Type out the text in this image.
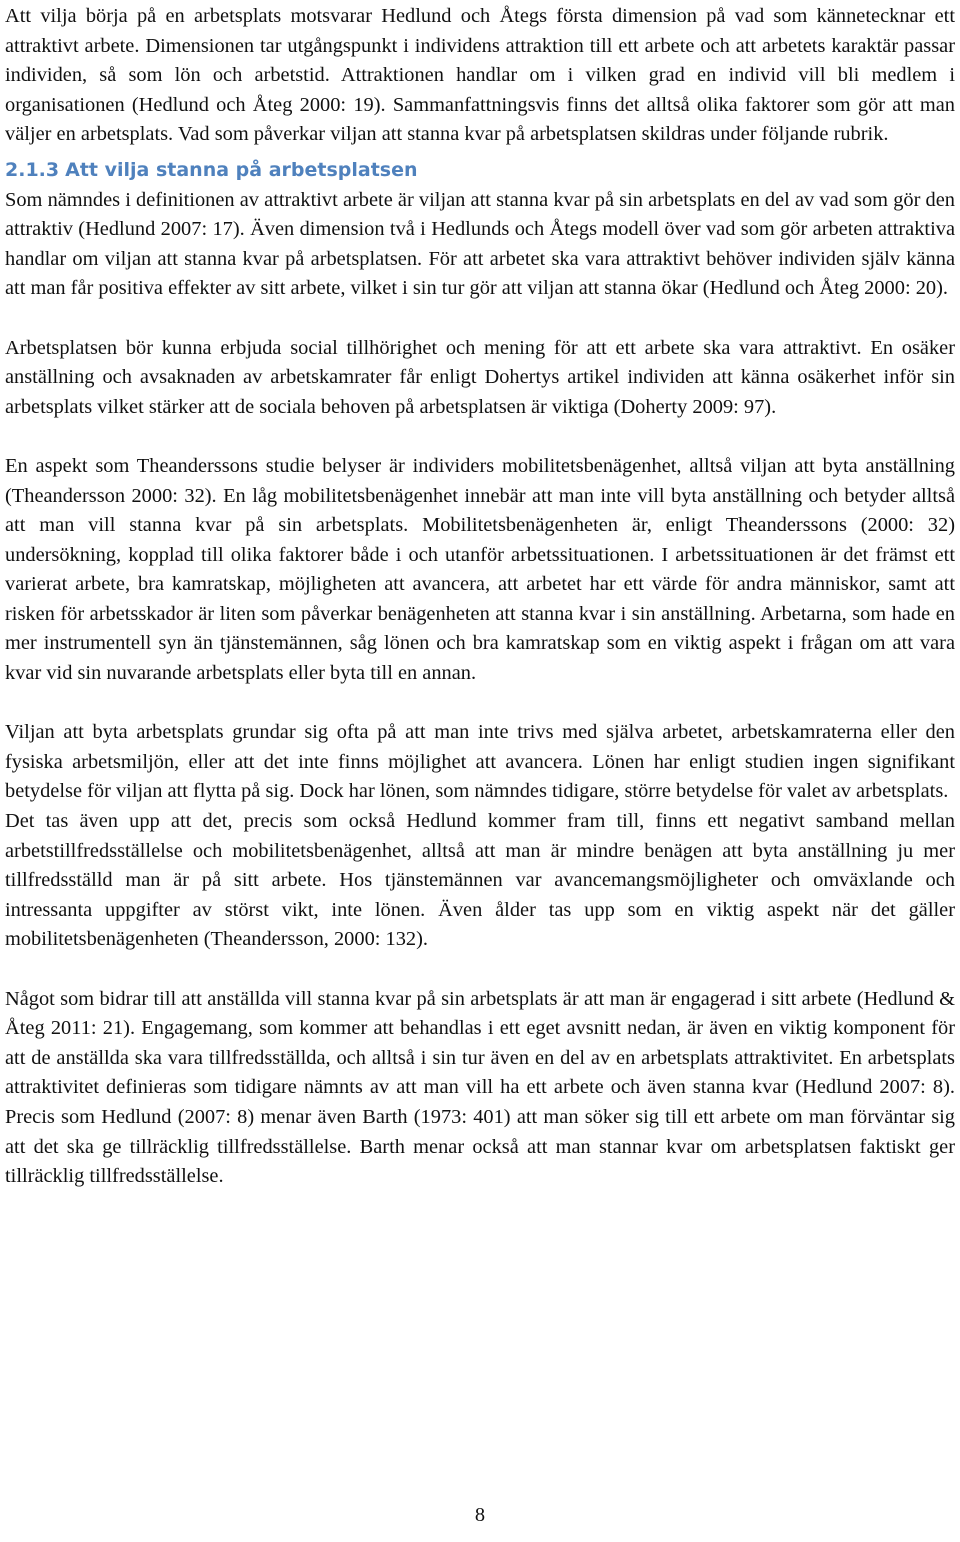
Att vilja börja på en arbetsplats motsvarar Hedlund och Åtegs första dimension på vad som kännetecknar ett attraktivt arbete. Dimensionen tar utgångspunkt i individens attraktion till ett arbete och att arbetets karaktär passar individen, så som lön och arbetstid. Attraktionen handlar om i vilken grad en individ vill bli medlem i organisationen (Hedlund och Åteg 2000: 19). Sammanfattningsvis finns det alltså olika faktorer som gör att man väljer en arbetsplats. Vad som påverkar viljan att stanna kvar på arbetsplatsen skildras under följande rubrik.

2.1.3 Att vilja stanna på arbetsplatsen

Som nämndes i definitionen av attraktivt arbete är viljan att stanna kvar på sin arbetsplats en del av vad som gör den attraktiv (Hedlund 2007: 17). Även dimension två i Hedlunds och Åtegs modell över vad som gör arbeten attraktiva handlar om viljan att stanna kvar på arbetsplatsen. För att arbetet ska vara attraktivt behöver individen själv känna att man får positiva effekter av sitt arbete, vilket i sin tur gör att viljan att stanna ökar (Hedlund och Åteg 2000: 20).

Arbetsplatsen bör kunna erbjuda social tillhörighet och mening för att ett arbete ska vara attraktivt. En osäker anställning och avsaknaden av arbetskamrater får enligt Dohertys artikel individen att känna osäkerhet inför sin arbetsplats vilket stärker att de sociala behoven på arbetsplatsen är viktiga (Doherty 2009: 97).

En aspekt som Theanderssons studie belyser är individers mobilitetsbenägenhet, alltså viljan att byta anställning (Theandersson 2000: 32). En låg mobilitetsbenägenhet innebär att man inte vill byta anställning och betyder alltså att man vill stanna kvar på sin arbetsplats. Mobilitetsbenägenheten är, enligt Theanderssons (2000: 32) undersökning, kopplad till olika faktorer både i och utanför arbetssituationen. I arbetssituationen är det främst ett varierat arbete, bra kamratskap, möjligheten att avancera, att arbetet har ett värde för andra människor, samt att risken för arbetsskador är liten som påverkar benägenheten att stanna kvar i sin anställning. Arbetarna, som hade en mer instrumentell syn än tjänstemännen, såg lönen och bra kamratskap som en viktig aspekt i frågan om att vara kvar vid sin nuvarande arbetsplats eller byta till en annan.

Viljan att byta arbetsplats grundar sig ofta på att man inte trivs med själva arbetet, arbetskamraterna eller den fysiska arbetsmiljön, eller att det inte finns möjlighet att avancera. Lönen har enligt studien ingen signifikant betydelse för viljan att flytta på sig. Dock har lönen, som nämndes tidigare, större betydelse för valet av arbetsplats.

Det tas även upp att det, precis som också Hedlund kommer fram till, finns ett negativt samband mellan arbetstillfredsställelse och mobilitetsbenägenhet, alltså att man är mindre benägen att byta anställning ju mer tillfredsställd man är på sitt arbete. Hos tjänstemännen var avancemangsmöjligheter och omväxlande och intressanta uppgifter av störst vikt, inte lönen. Även ålder tas upp som en viktig aspekt när det gäller mobilitetsbenägenheten (Theandersson, 2000: 132).

Något som bidrar till att anställda vill stanna kvar på sin arbetsplats är att man är engagerad i sitt arbete (Hedlund & Åteg 2011: 21). Engagemang, som kommer att behandlas i ett eget avsnitt nedan, är även en viktig komponent för att de anställda ska vara tillfredsställda, och alltså i sin tur även en del av en arbetsplats attraktivitet. En arbetsplats attraktivitet definieras som tidigare nämnts av att man vill ha ett arbete och även stanna kvar (Hedlund 2007: 8). Precis som Hedlund (2007: 8) menar även Barth (1973: 401) att man söker sig till ett arbete om man förväntar sig att det ska ge tillräcklig tillfredsställelse. Barth menar också att man stannar kvar om arbetsplatsen faktiskt ger tillräcklig tillfredsställelse.

8
